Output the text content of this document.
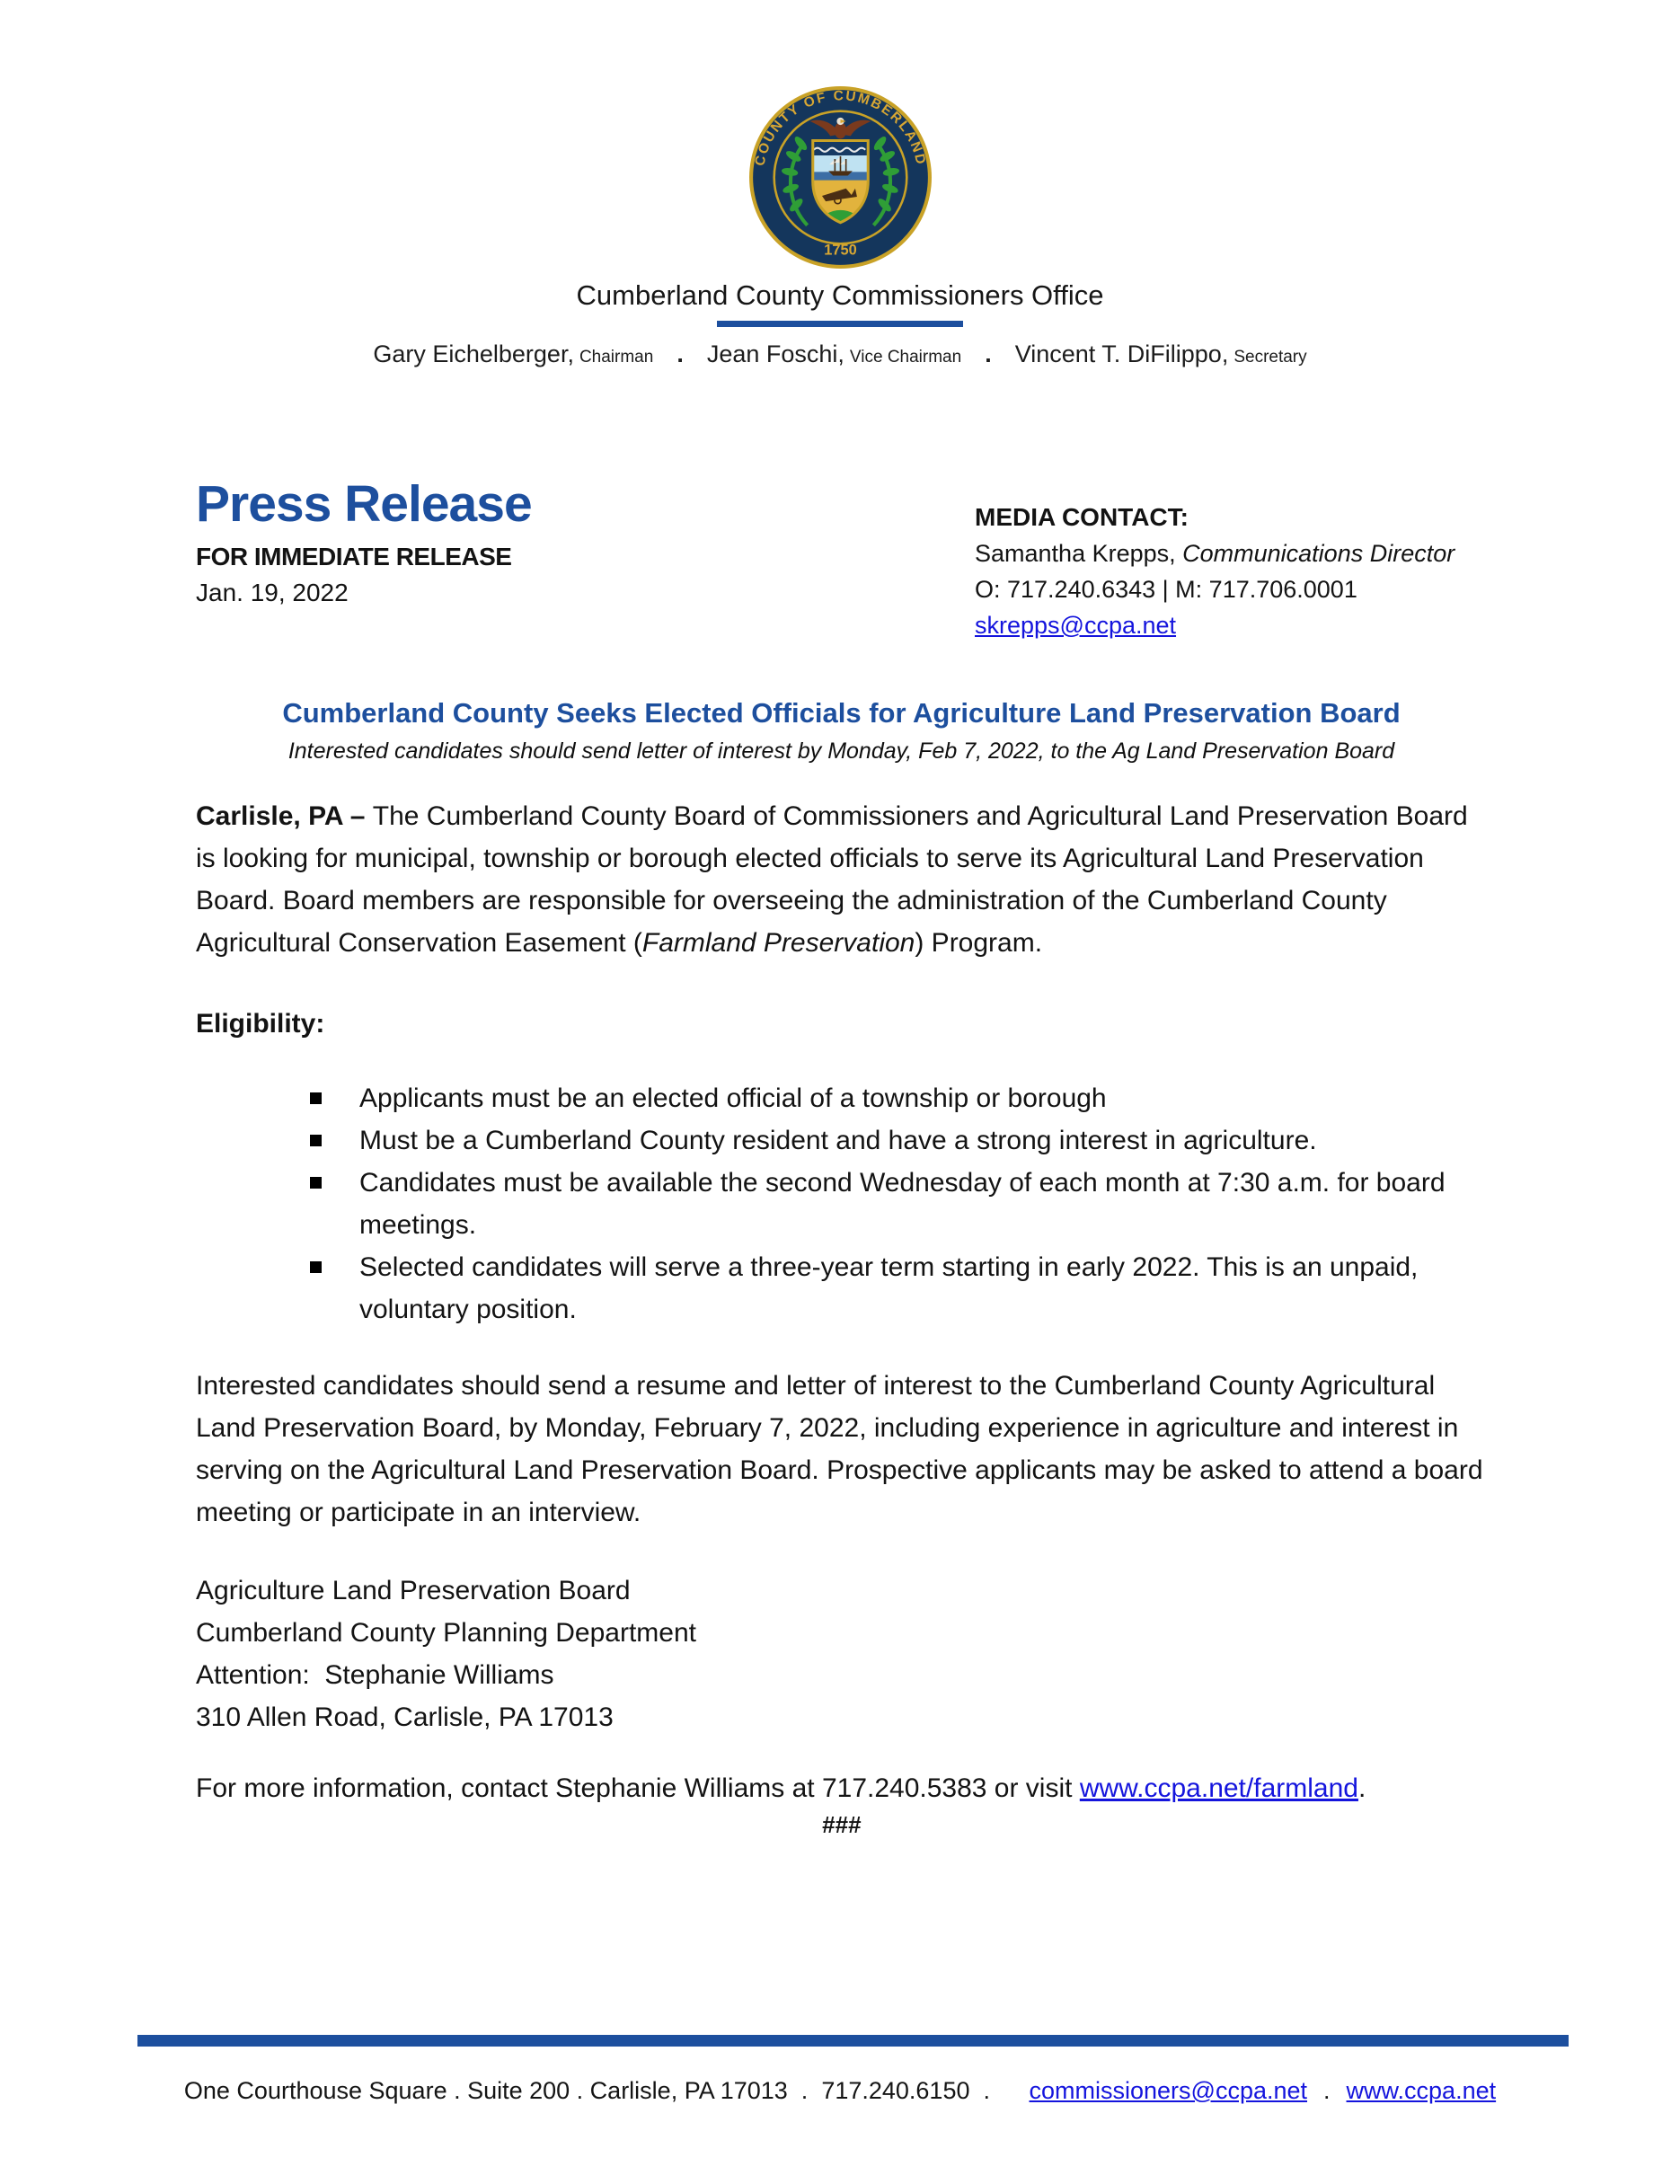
COUNTY OF CUMBERLAND
1750
Cumberland County Commissioners Office
Gary Eichelberger, Chairman . Jean Foschi, Vice Chairman . Vincent T. DiFilippo, Secretary
Press Release
FOR IMMEDIATE RELEASE
Jan. 19, 2022
MEDIA CONTACT:
Samantha Krepps, Communications Director
O: 717.240.6343 | M: 717.706.0001
skrepps@ccpa.net
Cumberland County Seeks Elected Officials for Agriculture Land Preservation Board
Interested candidates should send letter of interest by Monday, Feb 7, 2022, to the Ag Land Preservation Board

Carlisle, PA – The Cumberland County Board of Commissioners and Agricultural Land Preservation Board is looking for municipal, township or borough elected officials to serve its Agricultural Land Preservation Board. Board members are responsible for overseeing the administration of the Cumberland County Agricultural Conservation Easement (Farmland Preservation) Program.

Eligibility:
Applicants must be an elected official of a township or borough
Must be a Cumberland County resident and have a strong interest in agriculture.
Candidates must be available the second Wednesday of each month at 7:30 a.m. for board meetings.
Selected candidates will serve a three-year term starting in early 2022. This is an unpaid, voluntary position.

Interested candidates should send a resume and letter of interest to the Cumberland County Agricultural Land Preservation Board, by Monday, February 7, 2022, including experience in agriculture and interest in serving on the Agricultural Land Preservation Board. Prospective applicants may be asked to attend a board meeting or participate in an interview.

Agriculture Land Preservation Board
Cumberland County Planning Department
Attention:  Stephanie Williams
310 Allen Road, Carlisle, PA 17013

For more information, contact Stephanie Williams at 717.240.5383 or visit www.ccpa.net/farmland.

###
One Courthouse Square . Suite 200 . Carlisle, PA 17013  .  717.240.6150  . commissioners@ccpa.net . www.ccpa.net
